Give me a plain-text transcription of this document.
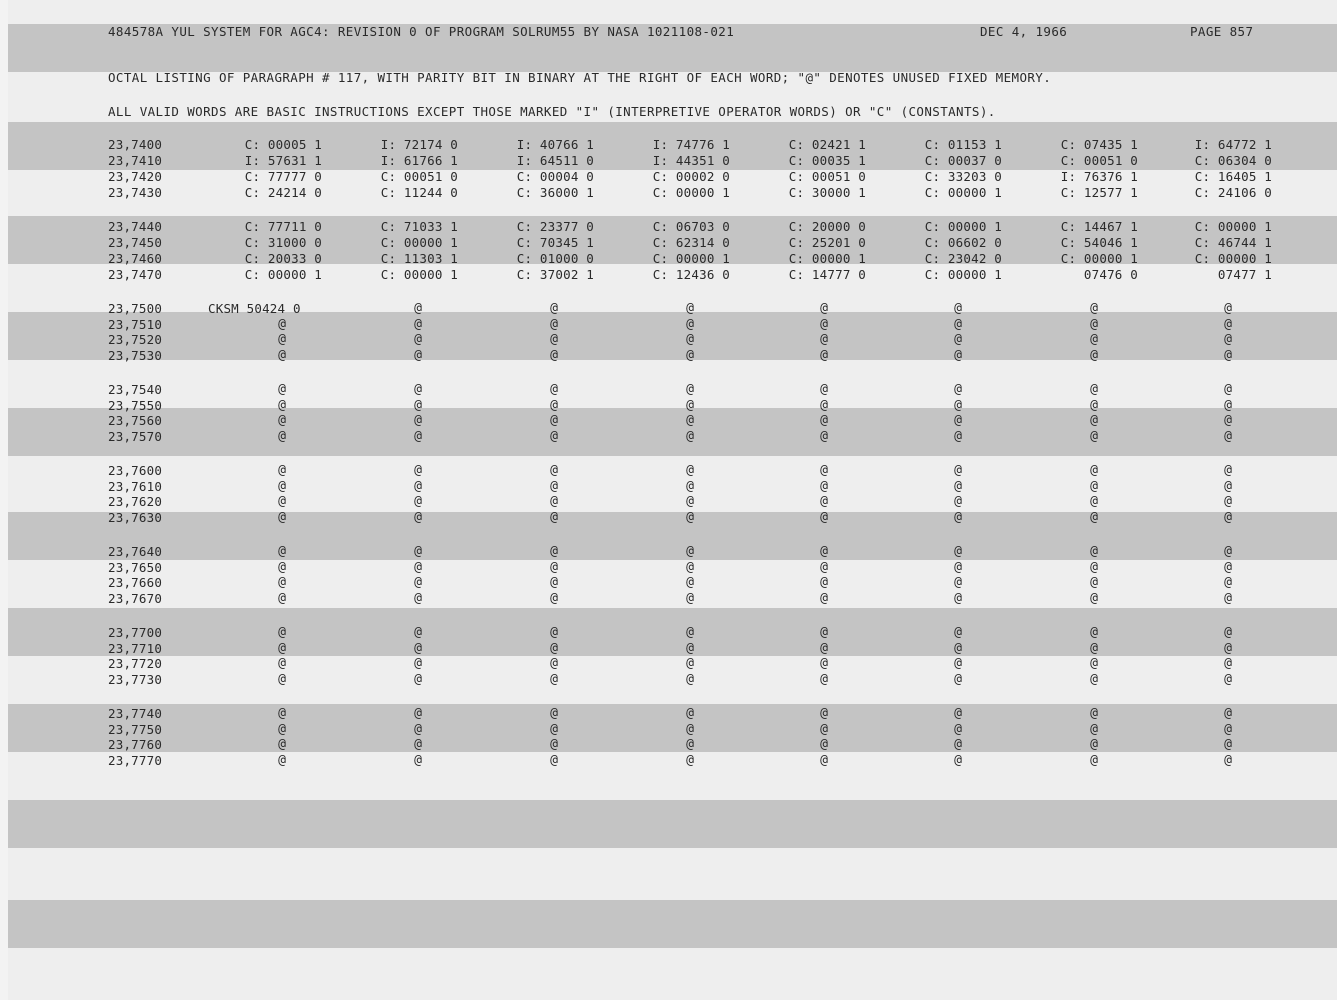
484578A YUL SYSTEM FOR AGC4: REVISION 0 OF PROGRAM SOLRUM55 BY NASA 1021108-021	DEC 4, 1966	PAGE 857
OCTAL LISTING OF PARAGRAPH # 117, WITH PARITY BIT IN BINARY AT THE RIGHT OF EACH WORD; "@" DENOTES UNUSED FIXED MEMORY.
ALL VALID WORDS ARE BASIC INSTRUCTIONS EXCEPT THOSE MARKED "I" (INTERPRETIVE OPERATOR WORDS) OR "C" (CONSTANTS).
23,7400	C: 00005 1	I: 72174 0	I: 40766 1	I: 74776 1	C: 02421 1	C: 01153 1	C: 07435 1	I: 64772 1
23,7410	I: 57631 1	I: 61766 1	I: 64511 0	I: 44351 0	C: 00035 1	C: 00037 0	C: 00051 0	C: 06304 0
23,7420	C: 77777 0	C: 00051 0	C: 00004 0	C: 00002 0	C: 00051 0	C: 33203 0	I: 76376 1	C: 16405 1
23,7430	C: 24214 0	C: 11244 0	C: 36000 1	C: 00000 1	C: 30000 1	C: 00000 1	C: 12577 1	C: 24106 0
23,7440	C: 77711 0	C: 71033 1	C: 23377 0	C: 06703 0	C: 20000 0	C: 00000 1	C: 14467 1	C: 00000 1
23,7450	C: 31000 0	C: 00000 1	C: 70345 1	C: 62314 0	C: 25201 0	C: 06602 0	C: 54046 1	C: 46744 1
23,7460	C: 20033 0	C: 11303 1	C: 01000 0	C: 00000 1	C: 00000 1	C: 23042 0	C: 00000 1	C: 00000 1
23,7470	C: 00000 1	C: 00000 1	C: 37002 1	C: 12436 0	C: 14777 0	C: 00000 1	07476 0	07477 1
23,7500	CKSM 50424 0	@	@	@	@	@	@	@
23,7510	@	@	@	@	@	@	@	@
23,7520	@	@	@	@	@	@	@	@
23,7530	@	@	@	@	@	@	@	@
23,7540	@	@	@	@	@	@	@	@
23,7550	@	@	@	@	@	@	@	@
23,7560	@	@	@	@	@	@	@	@
23,7570	@	@	@	@	@	@	@	@
23,7600	@	@	@	@	@	@	@	@
23,7610	@	@	@	@	@	@	@	@
23,7620	@	@	@	@	@	@	@	@
23,7630	@	@	@	@	@	@	@	@
23,7640	@	@	@	@	@	@	@	@
23,7650	@	@	@	@	@	@	@	@
23,7660	@	@	@	@	@	@	@	@
23,7670	@	@	@	@	@	@	@	@
23,7700	@	@	@	@	@	@	@	@
23,7710	@	@	@	@	@	@	@	@
23,7720	@	@	@	@	@	@	@	@
23,7730	@	@	@	@	@	@	@	@
23,7740	@	@	@	@	@	@	@	@
23,7750	@	@	@	@	@	@	@	@
23,7760	@	@	@	@	@	@	@	@
23,7770	@	@	@	@	@	@	@	@
